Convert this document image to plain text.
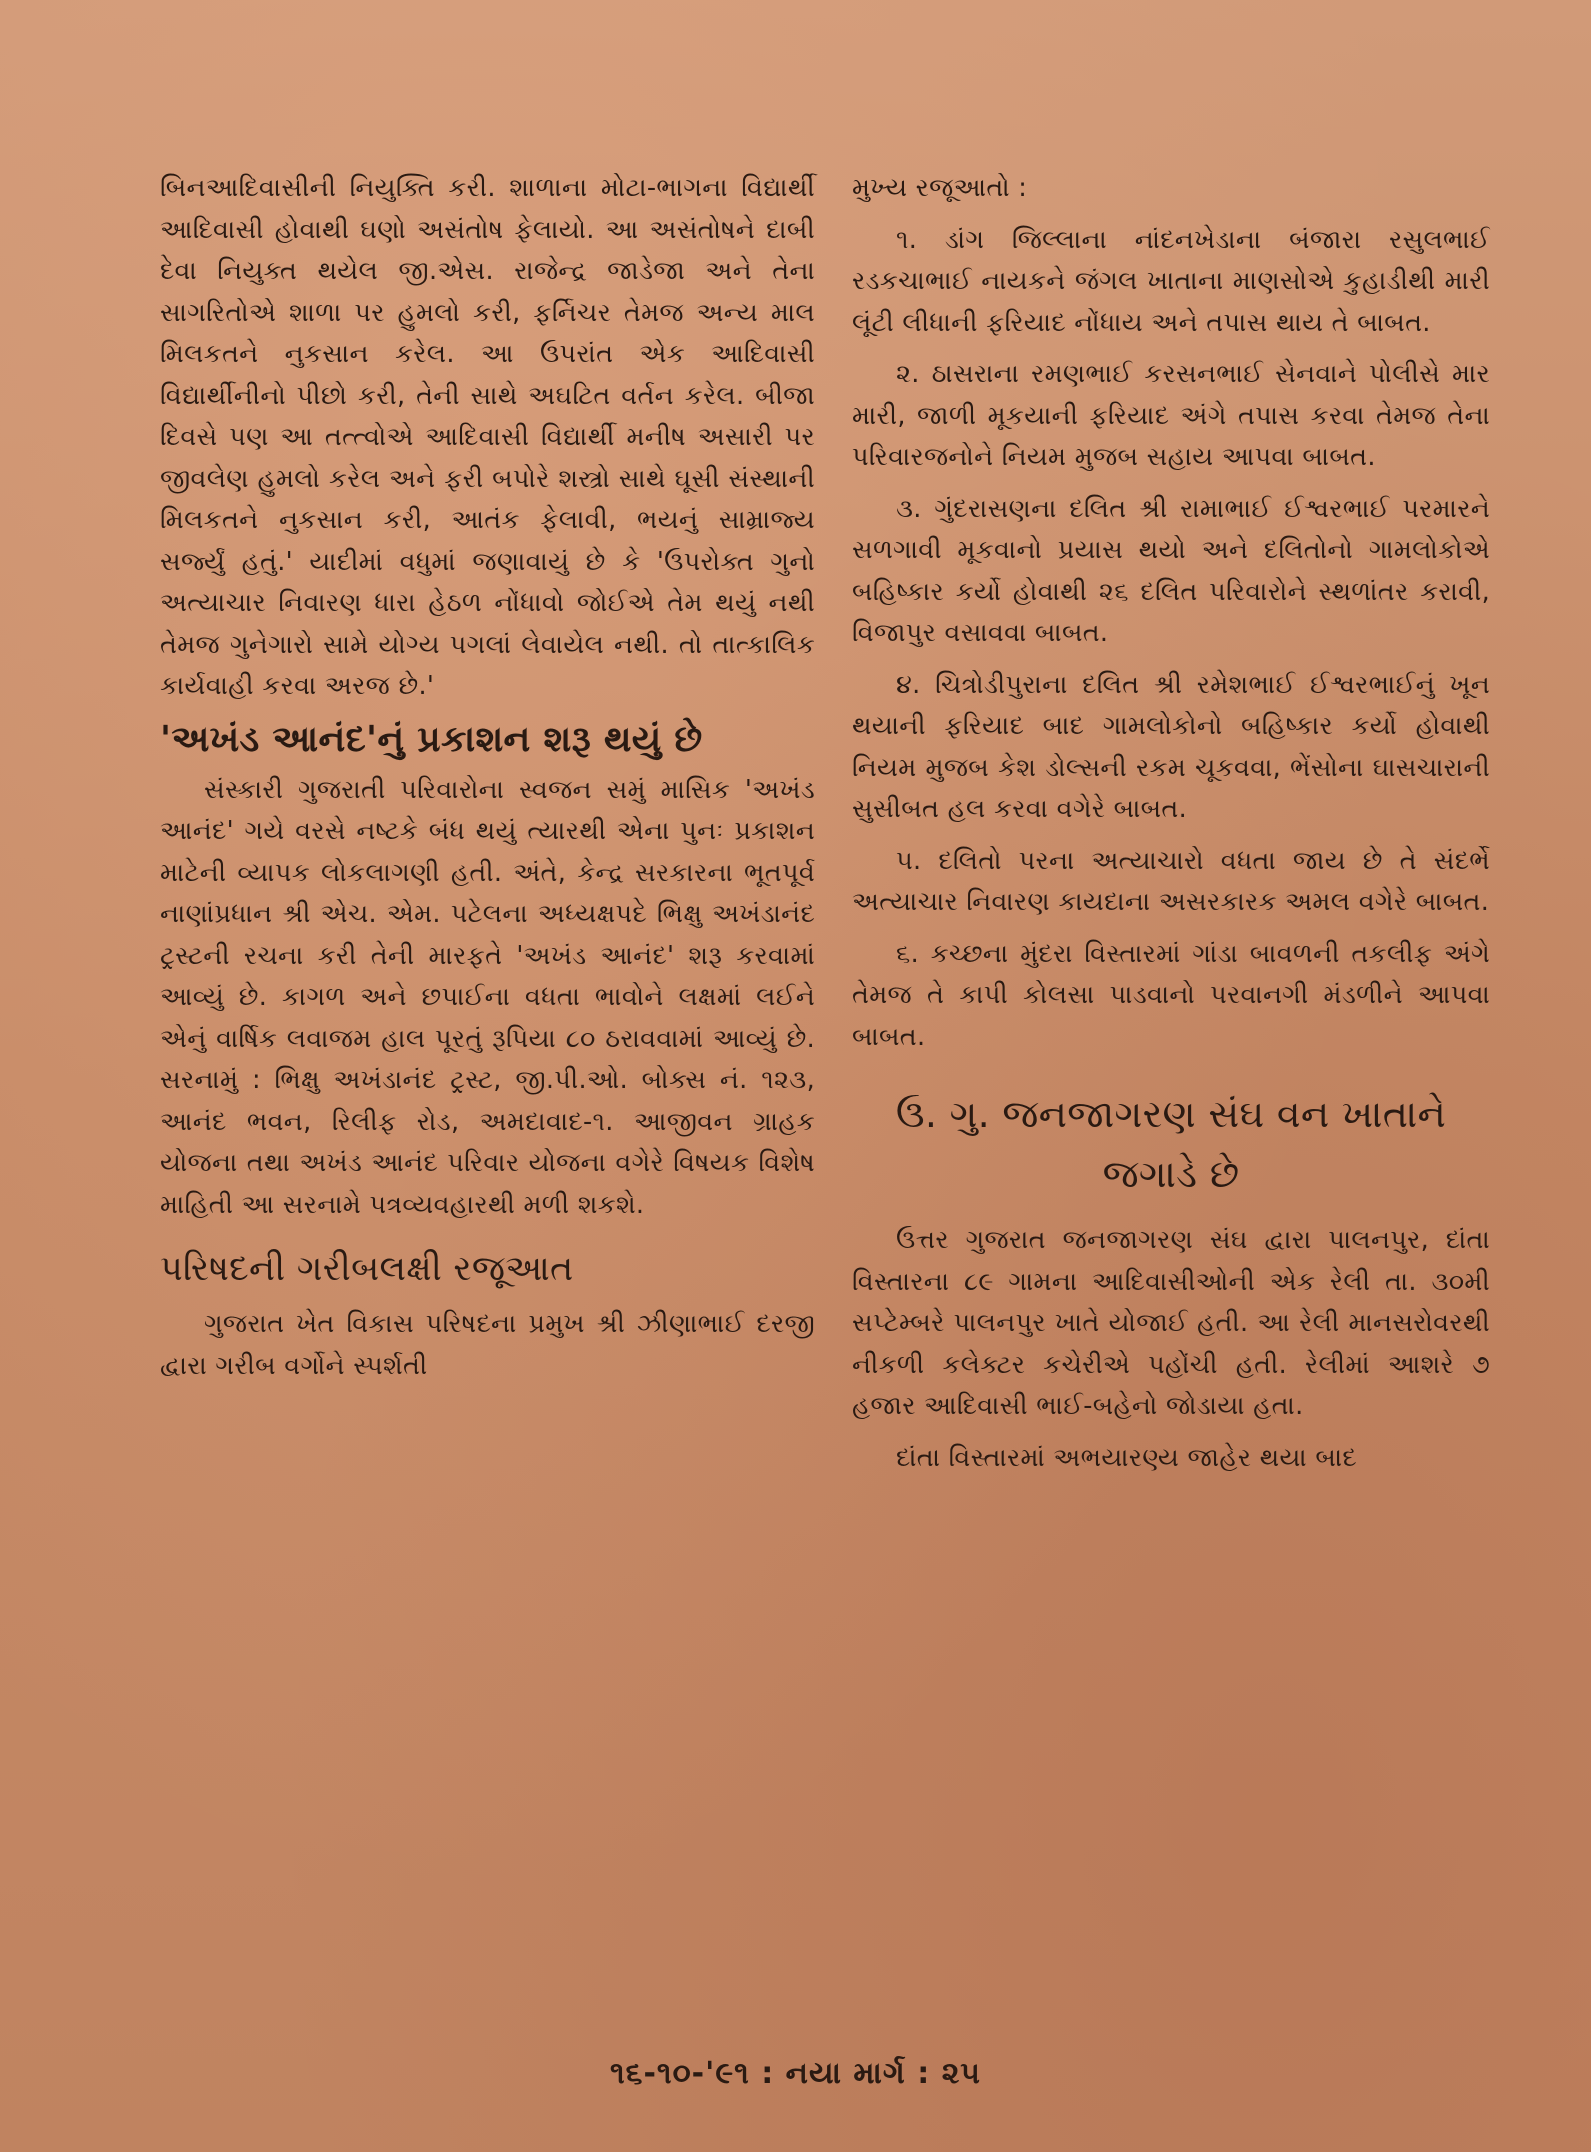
બિનઆદિવાસીની નિયુક્તિ કરી. શાળાના મોટા-ભાગના વિદ્યાર્થી આદિવાસી હોવાથી ઘણો અસંતોષ ફેલાયો. આ અસંતોષને દાબી દેવા નિયુક્ત થયેલ જી.એસ. રાજેન્દ્ર જાડેજા અને તેના સાગરિતોએ શાળા પર હુમલો કરી, ફર્નિચર તેમજ અન્ય માલ મિલકતને નુકસાન કરેલ. આ ઉપરાંત એક આદિવાસી વિદ્યાર્થીનીનો પીછો કરી, તેની સાથે અઘટિત વર્તન કરેલ. બીજા દિવસે પણ આ તત્ત્વોએ આદિવાસી વિદ્યાર્થી મનીષ અસારી પર જીવલેણ હુમલો કરેલ અને ફરી બપોરે શસ્ત્રો સાથે ઘૂસી સંસ્થાની મિલકતને નુકસાન કરી, આતંક ફેલાવી, ભયનું સામ્રાજ્ય સર્જ્યું હતું.' યાદીમાં વધુમાં જણાવાયું છે કે 'ઉપરોક્ત ગુનો અત્યાચાર નિવારણ ધારા હેઠળ નોંધાવો જોઈએ તેમ થયું નથી તેમજ ગુનેગારો સામે યોગ્ય પગલાં લેવાયેલ નથી. તો તાત્કાલિક કાર્યવાહી કરવા અરજ છે.'

'અખંડ આનંદ'નું પ્રકાશન શરૂ થયું છે

સંસ્કારી ગુજરાતી પરિવારોના સ્વજન સમું માસિક 'અખંડ આનંદ' ગયે વરસે નષ્ટકે બંધ થયું ત્યારથી એના પુનઃ પ્રકાશન માટેની વ્યાપક લોકલાગણી હતી. અંતે, કેન્દ્ર સરકારના ભૂતપૂર્વ નાણાંપ્રધાન શ્રી એચ. એમ. પટેલના અધ્યક્ષપદે ભિક્ષુ અખંડાનંદ ટ્રસ્ટની રચના કરી તેની મારફતે 'અખંડ આનંદ' શરૂ કરવામાં આવ્યું છે. કાગળ અને છપાઈના વધતા ભાવોને લક્ષમાં લઈને એનું વાર્ષિક લવાજમ હાલ પૂરતું રૂપિયા ૮૦ ઠરાવવામાં આવ્યું છે. સરનામું : ભિક્ષુ અખંડાનંદ ટ્રસ્ટ, જી.પી.ઓ. બોક્સ નં. ૧૨૩, આનંદ ભવન, રિલીફ રોડ, અમદાવાદ-૧. આજીવન ગ્રાહક યોજના તથા અખંડ આનંદ પરિવાર યોજના વગેરે વિષયક વિશેષ માહિતી આ સરનામે પત્રવ્યવહારથી મળી શકશે.

પરિષદની ગરીબલક્ષી રજૂઆત

ગુજરાત ખેત વિકાસ પરિષદના પ્રમુખ શ્રી ઝીણાભાઈ દરજી દ્વારા ગરીબ વર્ગોને સ્પર્શતી

મુખ્ય રજૂઆતો :

૧. ડાંગ જિલ્લાના નાંદનખેડાના બંજારા રસુલભાઈ રડકચાભાઈ નાયકને જંગલ ખાતાના માણસોએ કુહાડીથી મારી લૂંટી લીધાની ફરિયાદ નોંધાય અને તપાસ થાય તે બાબત.

૨. ઠાસરાના રમણભાઈ કરસનભાઈ સેનવાને પોલીસે માર મારી, જાળી મૂકયાની ફરિયાદ અંગે તપાસ કરવા તેમજ તેના પરિવારજનોને નિયમ મુજબ સહાય આપવા બાબત.

૩. ગુંદરાસણના દલિત શ્રી રામાભાઈ ઈશ્વરભાઈ પરમારને સળગાવી મૂકવાનો પ્રયાસ થયો અને દલિતોનો ગામલોકોએ બહિષ્કાર કર્યો હોવાથી ૨૬ દલિત પરિવારોને સ્થળાંતર કરાવી, વિજાપુર વસાવવા બાબત.

૪. ચિત્રોડીપુરાના દલિત શ્રી રમેશભાઈ ઈશ્વરભાઈનું ખૂન થયાની ફરિયાદ બાદ ગામલોકોનો બહિષ્કાર કર્યો હોવાથી નિયમ મુજબ કેશ ડોલ્સની રકમ ચૂકવવા, ભેંસોના ઘાસચારાની સુસીબત હલ કરવા વગેરે બાબત.

૫. દલિતો પરના અત્યાચારો વધતા જાય છે તે સંદર્ભે અત્યાચાર નિવારણ કાયદાના અસરકારક અમલ વગેરે બાબત.

૬. કચ્છના મુંદરા વિસ્તારમાં ગાંડા બાવળની તકલીફ અંગે તેમજ તે કાપી કોલસા પાડવાનો પરવાનગી મંડળીને આપવા બાબત.

ઉ. ગુ. જનજાગરણ સંઘ વન ખાતાને જગાડે છે

ઉત્તર ગુજરાત જનજાગરણ સંઘ દ્વારા પાલનપુર, દાંતા વિસ્તારના ૮૯ ગામના આદિવાસીઓની એક રેલી તા. ૩૦મી સપ્ટેમ્બરે પાલનપુર ખાતે યોજાઈ હતી. આ રેલી માનસરોવરથી નીકળી કલેક્ટર કચેરીએ પહોંચી હતી. રેલીમાં આશરે ૭ હજાર આદિવાસી ભાઈ-બહેનો જોડાયા હતા.

દાંતા વિસ્તારમાં અભયારણ્ય જાહેર થયા બાદ

૧૬-૧૦-'૯૧ : નયા માર્ગ : ૨૫
